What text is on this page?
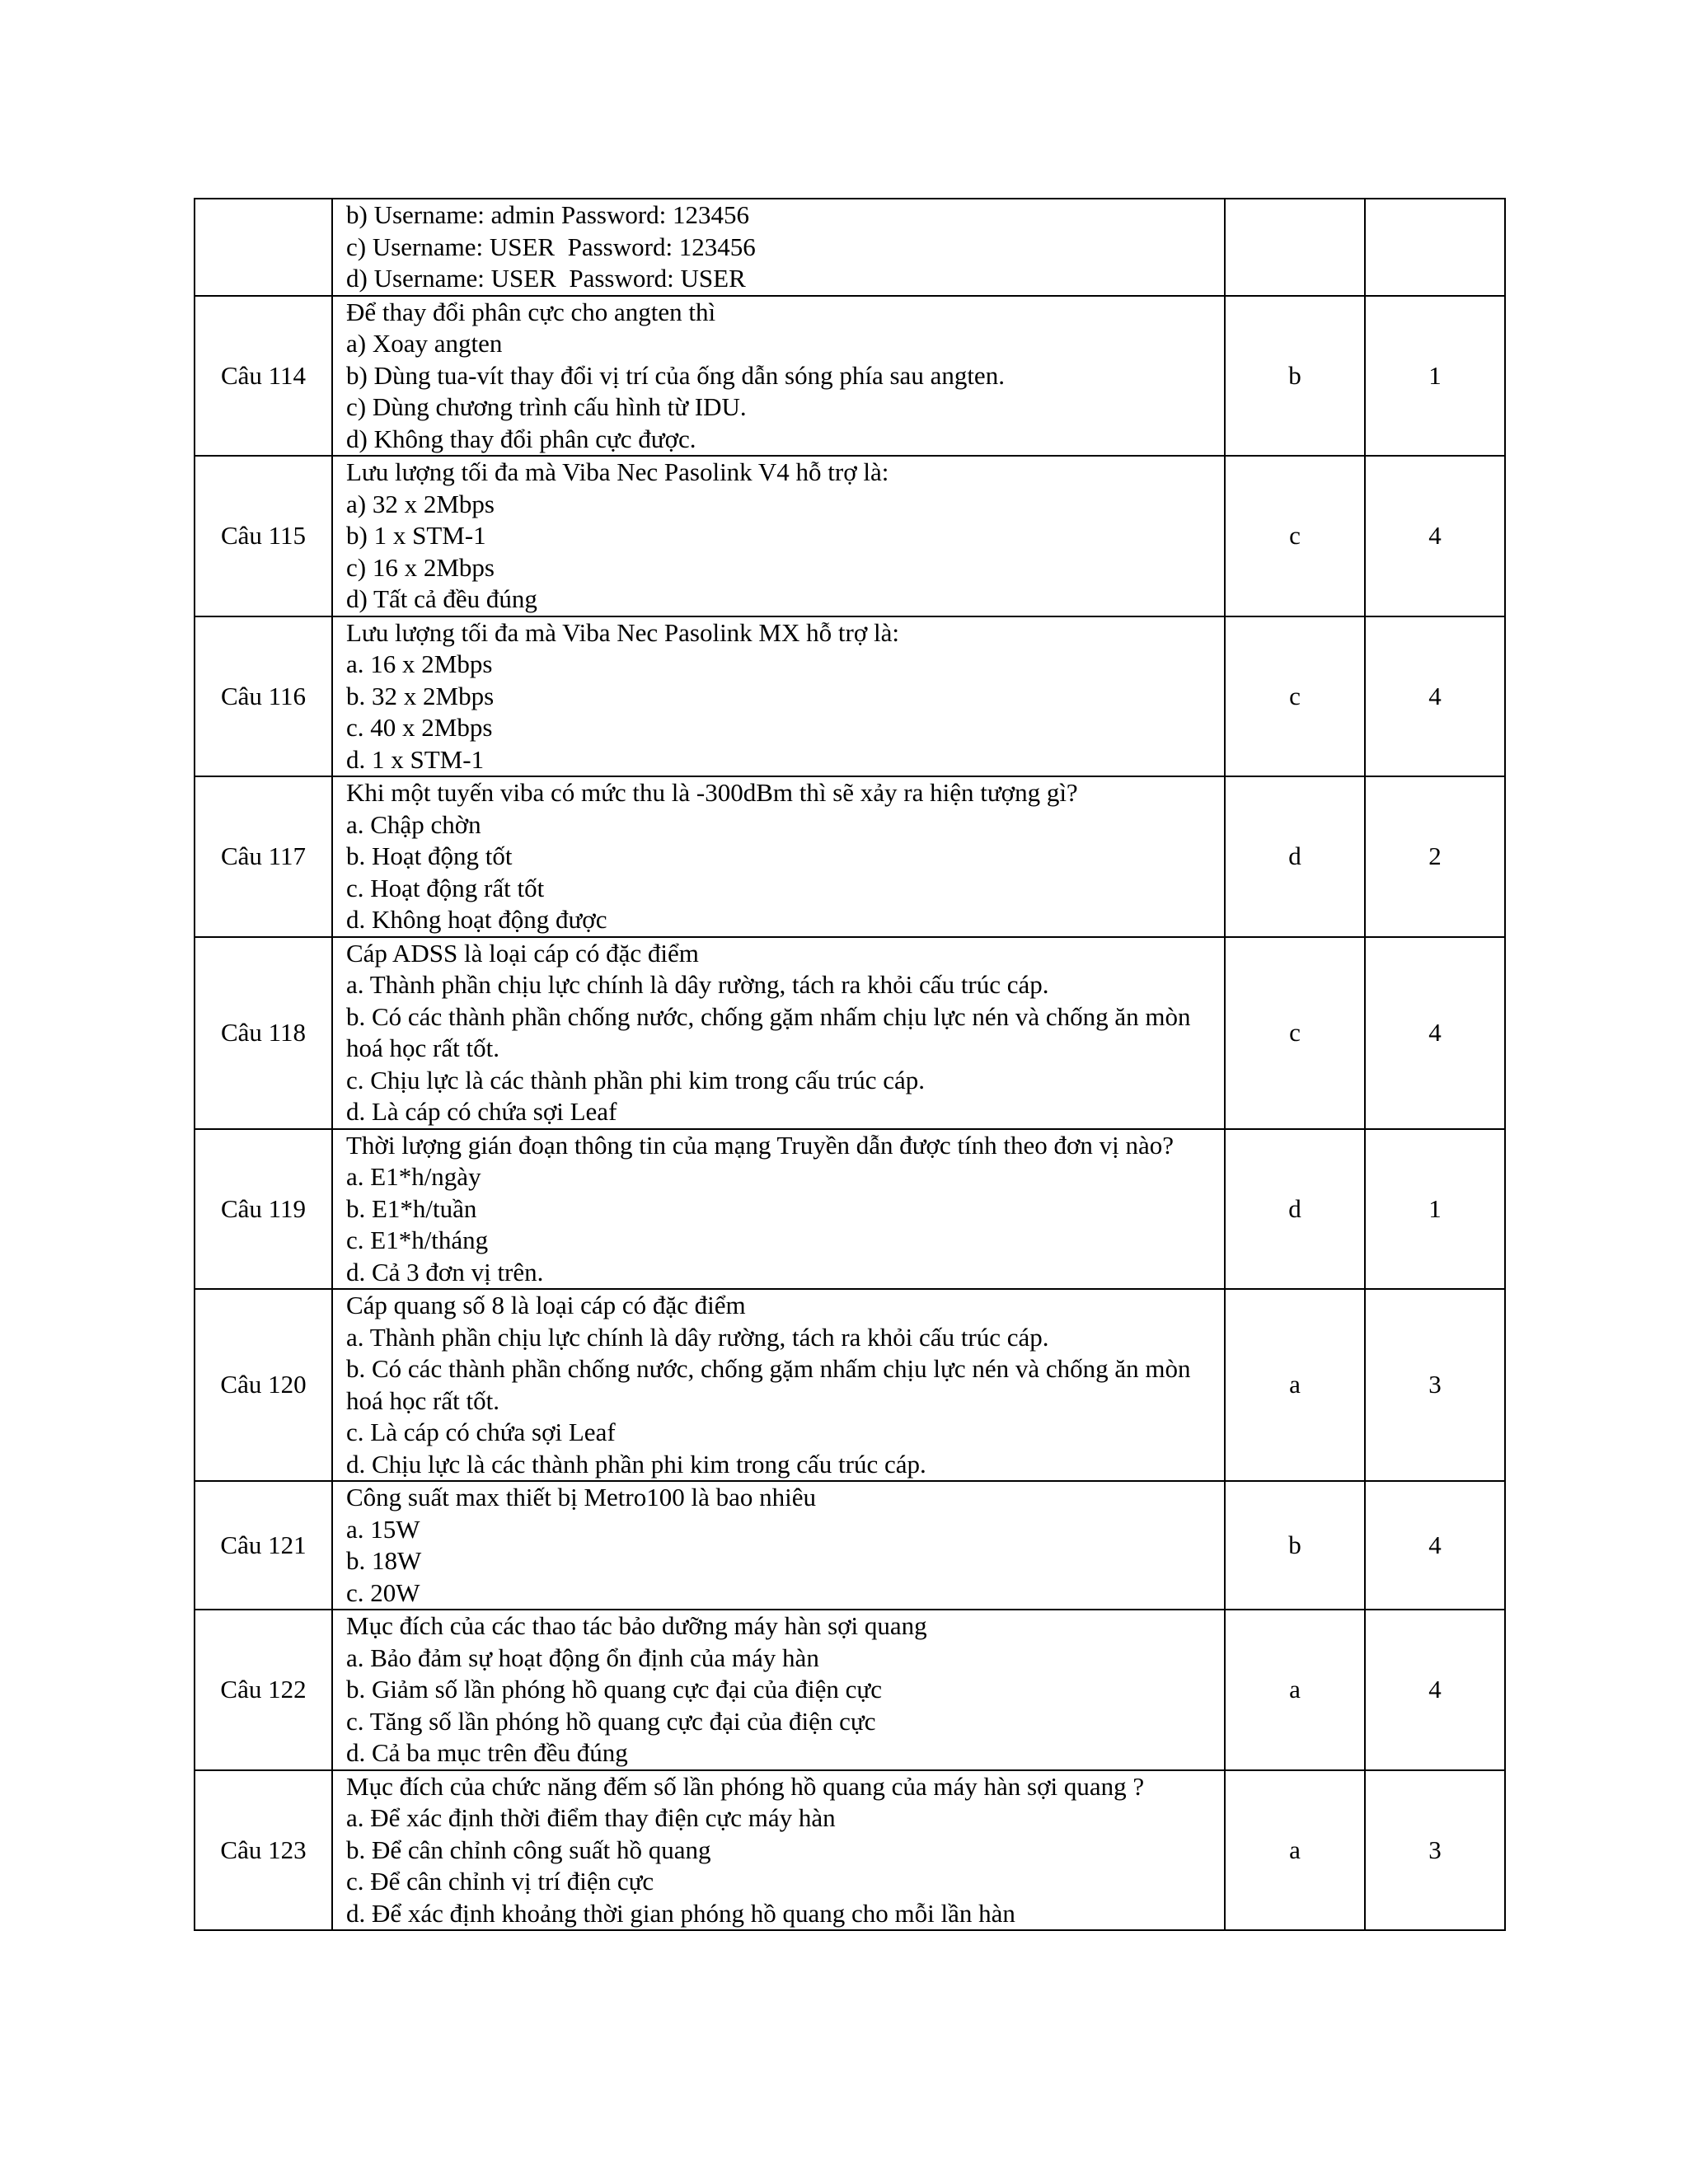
	b) Username: admin Password: 123456
c) Username: USER  Password: 123456
d) Username: USER  Password: USER		

Câu 114	Để thay đổi phân cực cho angten thì
a) Xoay angten
b) Dùng tua-vít thay đổi vị trí của ống dẫn sóng phía sau angten.
c) Dùng chương trình cấu hình từ IDU.
d) Không thay đổi phân cực được.	b	1
Câu 115	Lưu lượng tối đa mà Viba Nec Pasolink V4 hỗ trợ là:
a) 32 x 2Mbps
b) 1 x STM-1
c) 16 x 2Mbps
d) Tất cả đều đúng	c	4
Câu 116	Lưu lượng tối đa mà Viba Nec Pasolink MX hỗ trợ là:
a. 16 x 2Mbps
b. 32 x 2Mbps
c. 40 x 2Mbps
d. 1 x STM-1	c	4
Câu 117	Khi một tuyến viba có mức thu là -300dBm thì sẽ xảy ra hiện tượng gì?
a. Chập chờn
b. Hoạt động tốt
c. Hoạt động rất tốt
d. Không hoạt động được	d	2
Câu 118	Cáp ADSS là loại cáp có đặc điểm
a. Thành phần chịu lực chính là dây rường, tách ra khỏi cấu trúc cáp.
b. Có các thành phần chống nước, chống gặm nhấm chịu lực nén và chống ăn mòn hoá học rất tốt.
c. Chịu lực là các thành phần phi kim trong cấu trúc cáp.
d. Là cáp có chứa sợi Leaf	c	4
Câu 119	Thời lượng gián đoạn thông tin của mạng Truyền dẫn được tính theo đơn vị nào?
a. E1*h/ngày
b. E1*h/tuần
c. E1*h/tháng
d. Cả 3 đơn vị trên.	d	1
Câu 120	Cáp quang số 8 là loại cáp có đặc điểm
a. Thành phần chịu lực chính là dây rường, tách ra khỏi cấu trúc cáp.
b. Có các thành phần chống nước, chống gặm nhấm chịu lực nén và chống ăn mòn hoá học rất tốt.
c. Là cáp có chứa sợi Leaf
d. Chịu lực là các thành phần phi kim trong cấu trúc cáp.	a	3
Câu 121	Công suất max thiết bị Metro100 là bao nhiêu
a. 15W
b. 18W
c. 20W	b	4
Câu 122	Mục đích của các thao tác bảo dưỡng máy hàn sợi quang
a. Bảo đảm sự hoạt động ổn định của máy hàn
b. Giảm số lần phóng hồ quang cực đại của điện cực
c. Tăng số lần phóng hồ quang cực đại của điện cực
d. Cả ba mục trên đều đúng	a	4
Câu 123	Mục đích của chức năng đếm số lần phóng hồ quang của máy hàn sợi quang ?
a. Để xác định thời điểm thay điện cực máy hàn
b. Để cân chỉnh công suất hồ quang
c. Để cân chỉnh vị trí điện cực
d. Để xác định khoảng thời gian phóng hồ quang cho mỗi lần hàn	a	3
